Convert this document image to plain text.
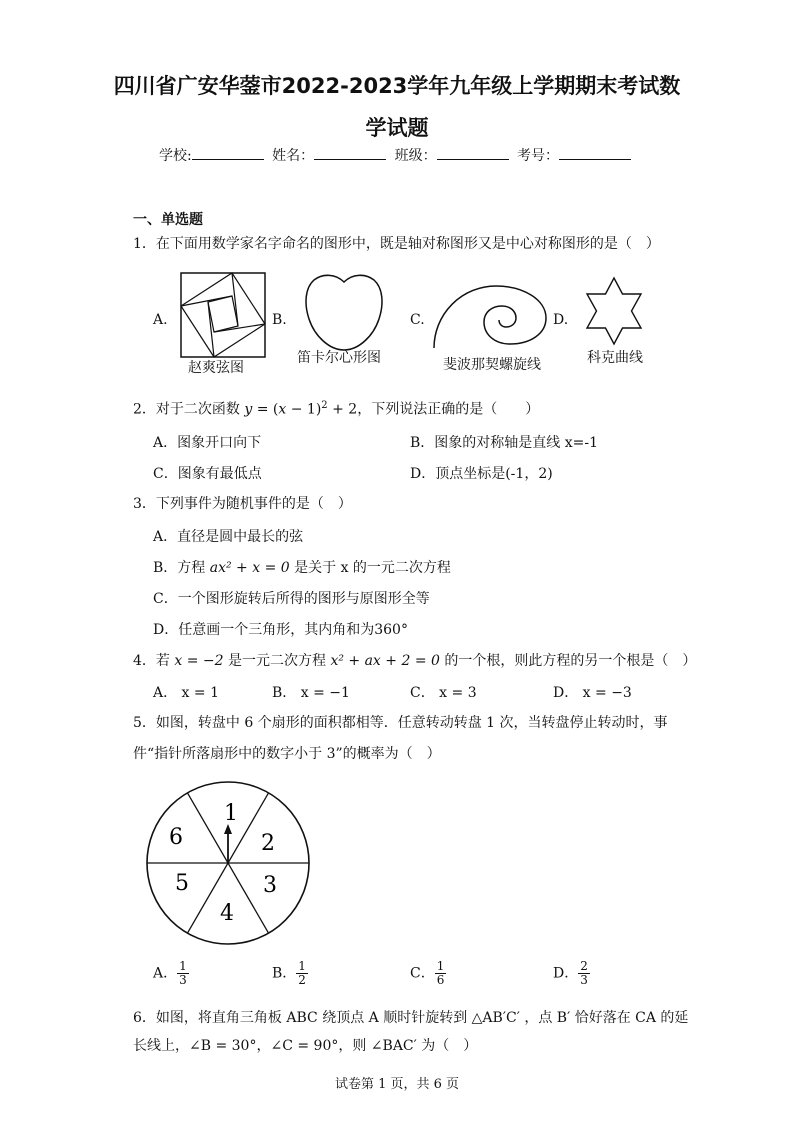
四川省广安华蓥市2022-2023学年九年级上学期期末考试数
学试题
学校:	姓名：	班级：	考号：
一、单选题
1．在下面用数学家名字命名的图形中，既是轴对称图形又是中心对称图形的是（　）
A.	B.	C.	D.
赵爽弦图
笛卡尔心形图	斐波那契螺旋线	科克曲线
2．对于二次函数 $y = (x - 1)^2 + 2$，下列说法正确的是（　　）
A．图象开口向下	B．图象的对称轴是直线 x=-1
C．图象有最低点	D．顶点坐标是(-1，2)
3．下列事件为随机事件的是（　）
A．直径是圆中最长的弦
B．方程 ax² + x = 0 是关于 x 的一元二次方程
C．一个图形旋转后所得的图形与原图形全等
D．任意画一个三角形，其内角和为360°
4．若 x = −2 是一元二次方程 x² + ax + 2 = 0 的一个根，则此方程的另一个根是（　）
A． x = 1	B． x = −1	C． x = 3	D． x = −3
5．如图，转盘中 6 个扇形的面积都相等．任意转动转盘 1 次，当转盘停止转动时，事
件“指针所落扇形中的数字小于 3”的概率为（　）
1
2
3
4
5
6
A． $\frac{1}{3}$	B． $\frac{1}{2}$	C． $\frac{1}{6}$	D． $\frac{2}{3}$
6．如图，将直角三角板 ABC 绕顶点 A 顺时针旋转到 △AB′C′ ，点 B′ 恰好落在 CA 的延
长线上，∠B = 30°，∠C = 90°，则 ∠BAC′ 为（　）
试卷第 1 页，共 6 页
